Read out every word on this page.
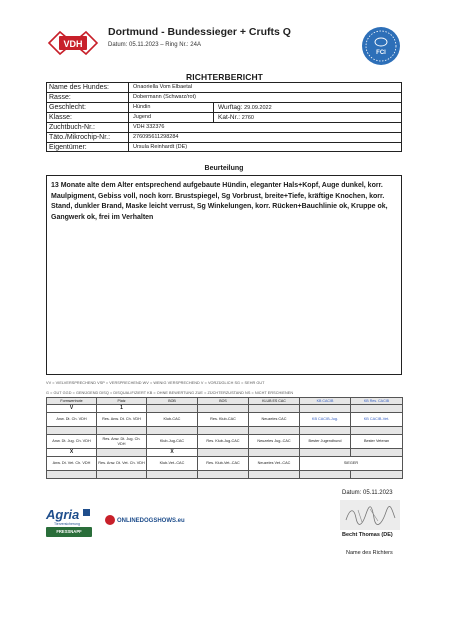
VDH
Dortmund - Bundessieger + Crufts Q
Datum: 05.11.2023 – Ring Nr.: 24A
FCI
RICHTERBERICHT
Name des Hundes:	Onaoriella Vom Elbaetal
Rasse:	Dobermann (Schwarz/rot)
Geschlecht:	Hündin	Wurftag: 29.09.2022
Klasse:	Jugend	Kat-Nr.: 2760
Zuchtbuch-Nr.:	VDH 332376
Täto./Mikrochip-Nr.:	276095611298284
Eigentümer:	Ursula Reinhardt (DE)
Beurteilung
13 Monate alte dem Alter entsprechend aufgebaute Hündin, eleganter Hals+Kopf, Auge dunkel, korr. Maulpigment, Gebiss voll, noch korr. Brustspiegel, Sg Vorbrust, breite+Tiefe, kräftige Knochen, korr. Stand, dunkler Brand, Maske leicht verrust, Sg Winkelungen, korr. Rücken+Bauchlinie ok, Kruppe ok, Gangwerk ok, frei im Verhalten
VV = VIELVERSPRECHEND VSP = VERSPRECHEND WV = WENIG VERSPRECHEND V = VORZÜGLICH SG = SEHR GUT
G = GUT GGD = GENÜGEND DISQ = DISQUALIFIZIERT KB = OHNE BEWERTUNG ZUE = ZÜCHTERZUSTAND NS = NICHT ERSCHIENEN
Formwertnote	Platz	BOB	BOS	KLUB ES CAC	KB CACIB	KB Res. CACIB
V	1					
Anw. Dt. Ch. VDH	Res. Anw. Dt. Ch. VDH	Klub-CAC	Res. Klub-CAC	Neuzeles CAC	KB CACIB-Jug.	KB CACIB-Vet.

Anw. Dt. Jug. Ch. VDH	Res. Anw. Dt. Jug. Ch. VDH	Klub-Jug-CAC	Res. Klub-Jug-CAC	Neuzeles Jug.-CAC	Bester Jugendhund	Bester Veteran
X		X				
Anw. Dt. Vet. Ch. VDH	Res. Anw. Dt. Vet. Ch. VDH	Klub-Vet.-CAC	Res. Klub-Vet.-CAC	Neuzeles Vet.-CAC	SIEGER	

Datum: 05.11.2023
Agria
Tierversicherung
FRESSNAPF
ONLINEDOGSHOWS.eu
Becht Thomas (DE)
Name des Richters
